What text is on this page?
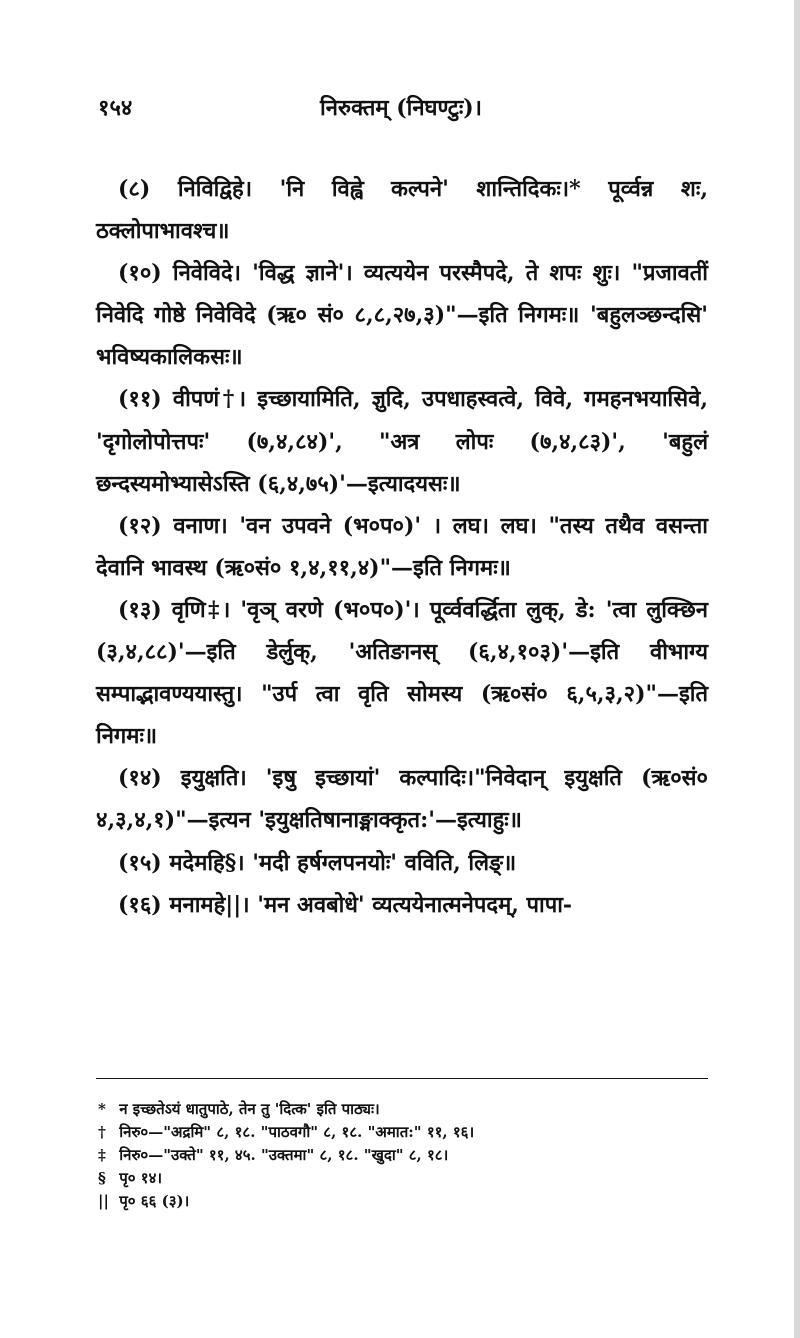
१५४	निरुक्तम् (निघण्टुः)।

(८) निविद्विहे। 'नि विह्वे कल्पने' शान्तिदिकः।* पूर्व्वन्न शः, ठक्लोपाभावश्च॥

(१०) निवेविदे। 'विद्ध ज्ञाने'। व्यत्ययेन परस्मैपदे, ते शपः शुः। "प्रजावतीं निवेदि गोष्ठे निवेविदे (ऋ० सं० ८,८,२७,३)"—इति निगमः॥ 'बहुलञ्छन्दसि' भविष्यकालिकसः॥

(११) वीपणं†। इच्छायामिति, ज्ञुदि, उपधाहस्वत्वे, विवे, गमहनभयासिवे, 'दृगोलोपोत्तपः' (७,४,८४)', "अत्र लोपः (७,४,८३)', 'बहुलं छन्दस्यमोभ्यासेऽस्ति (६,४,७५)'—इत्यादयसः॥

(१२) वनाण। 'वन उपवने (भ०प०)' । लघ। लघ। "तस्य तथैव वसन्ता देवानि भावस्थ (ऋ०सं० १,४,११,४)"—इति निगमः॥

(१३) वृणि‡। 'वृञ् वरणे (भ०प०)'। पूर्व्ववर्द्धिता लुक्, डे: 'त्वा लुक्छिन (३,४,८८)'—इति डेर्लुक्, 'अतिङानस् (६,४,१०३)'—इति वीभाग्य सम्पाद्भावण्ययास्तु। "उर्प त्वा वृति सोमस्य (ऋ०सं० ६,५,३,२)"—इति निगमः॥

(१४) इयुक्षति। 'इषु इच्छायां' कल्पादिः।"निवेदान् इयुक्षति (ऋ०सं० ४,३,४,१)"—इत्यन 'इयुक्षतिषानाङ्माक्कृत:'—इत्याहुः॥

(१५) मदेमहि§। 'मदी हर्षग्लपनयोः' वविति, लिङ्॥

(१६) मनामहे||। 'मन अवबोधे' व्यत्ययेनात्मनेपदम्, पापा-

* न इच्छतेऽयं धातुपाठे, तेन तु 'दित्क' इति पाठ्यः।
† निरु०—"अद्रमि" ८, १८. "पाठवगौ" ८, १८. "अमात:" ११, १६।
‡ निरु०—"उक्ते" ११, ४५. "उक्तमा" ८, १८. "खुदा" ८, १८।
§ पृ० १४।
|| पृ० ६६ (३)।
